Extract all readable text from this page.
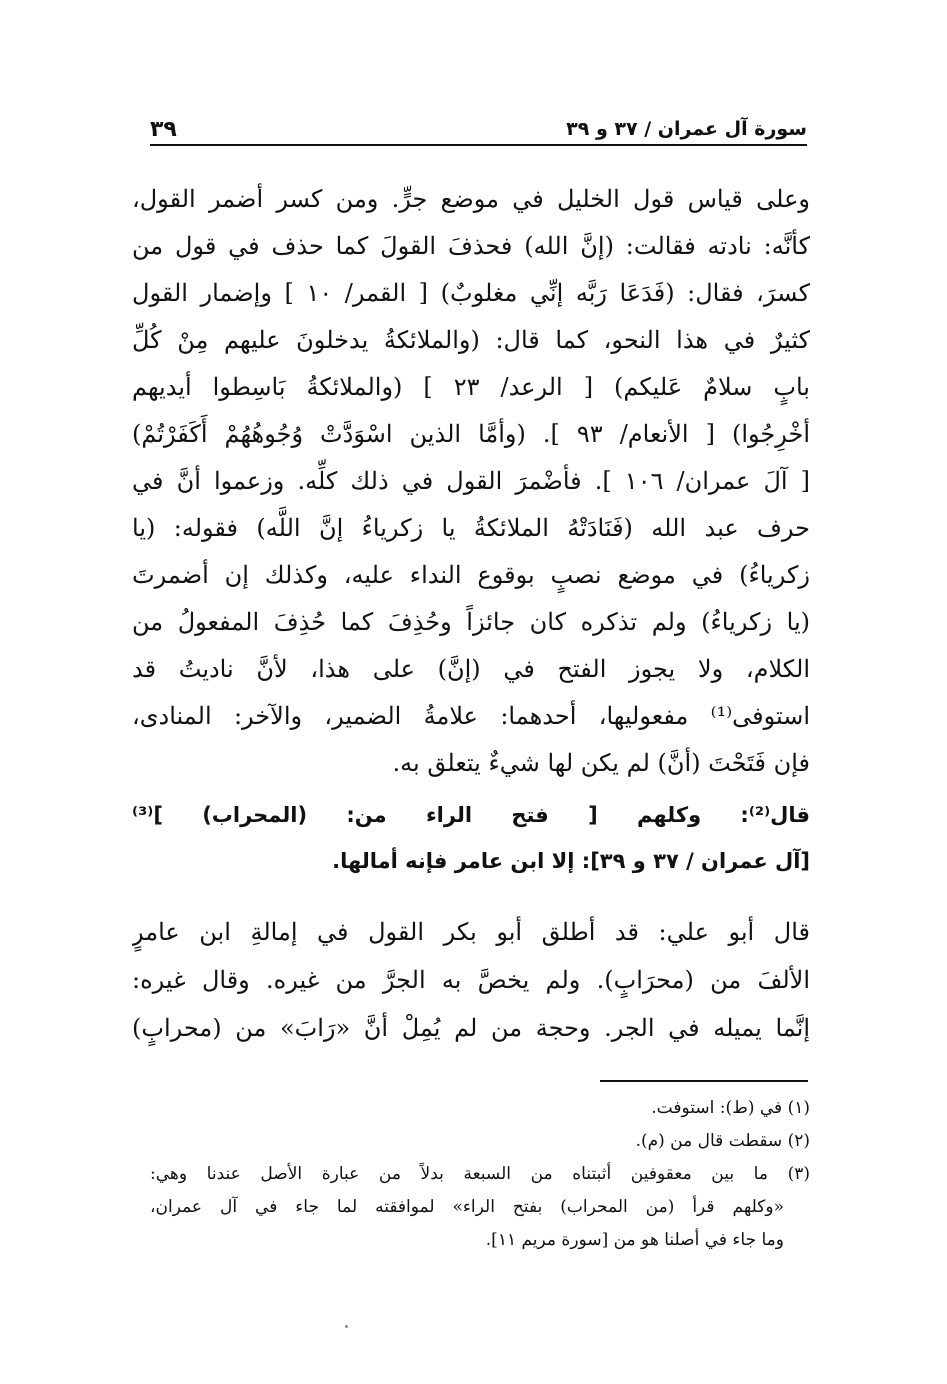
سورة آل عمران / ٣٧ و ٣٩
٣٩
وعلى قياس قول الخليل في موضع جرٍّ. ومن كسر أضمر القول،
كأنَّه: نادته فقالت: (إنَّ الله) فحذفَ القولَ كما حذف في قول من
كسرَ، فقال: (فَدَعَا رَبَّه إنِّي مغلوبٌ) [ القمر/ ١٠ ] وإضمار القول
كثيرٌ في هذا النحو، كما قال: (والملائكةُ يدخلونَ عليهم مِنْ كُلِّ
بابٍ سلامٌ عَليكم) [ الرعد/ ٢٣ ] (والملائكةُ بَاسِطوا أيديهم
أخْرِجُوا) [ الأنعام/ ٩٣ ]. (وأمَّا الذين اسْوَدَّتْ وُجُوهُهُمْ أَكَفَرْتُمْ)
[ آلَ عمران/ ١٠٦ ]. فأضْمرَ القول في ذلك كلِّه. وزعموا أنَّ في
حرف عبد الله (فَنَادَتْهُ الملائكةُ يا زكرياءُ إنَّ اللَّه) فقوله: (يا
زكرياءُ) في موضع نصبٍ بوقوع النداء عليه، وكذلك إن أضمرتَ
(يا زكرياءُ) ولم تذكره كان جائزاً وحُذِفَ كما حُذِفَ المفعولُ من
الكلام، ولا يجوز الفتح في (إنَّ) على هذا، لأنَّ ناديتُ قد
استوفى⁽¹⁾ مفعوليها، أحدهما: علامةُ الضمير، والآخر: المنادى،
فإن فَتَحْتَ (أنَّ) لم يكن لها شيءٌ يتعلق به.
قال⁽²⁾: وكلهم [ فتح الراء من: (المحراب) ]⁽³⁾
[آل عمران / ٣٧ و ٣٩]: إلا ابن عامر فإنه أمالها.
قال أبو علي: قد أطلق أبو بكر القول في إمالةِ ابن عامرٍ
الألفَ من (محرَابٍ). ولم يخصَّ به الجرَّ من غيره. وقال غيره:
إنَّما يميله في الجر. وحجة من لم يُمِلْ أنَّ «رَابَ» من (محرابٍ)
(١) في (ط): استوفت.
(٢) سقطت قال من (م).
(٣) ما بين معقوفين أثبتناه من السبعة بدلاً من عبارة الأصل عندنا وهي:
«وكلهم قرأ (من المحراب) بفتح الراء» لموافقته لما جاء في آل عمران،
وما جاء في أصلنا هو من [سورة مريم ١١].
